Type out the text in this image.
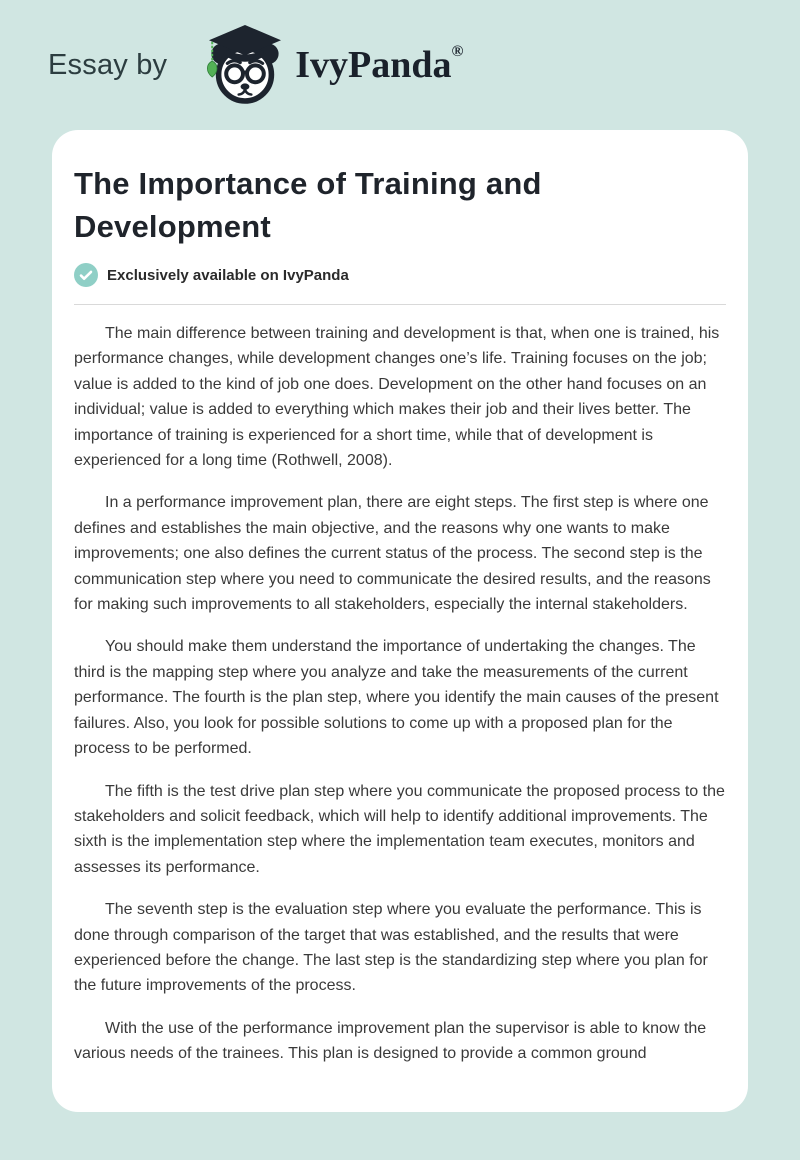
Essay by	IvyPanda®
The Importance of Training and Development
Exclusively available on IvyPanda

The main difference between training and development is that, when one is trained, his performance changes, while development changes one’s life. Training focuses on the job; value is added to the kind of job one does. Development on the other hand focuses on an individual; value is added to everything which makes their job and their lives better. The importance of training is experienced for a short time, while that of development is experienced for a long time (Rothwell, 2008).

In a performance improvement plan, there are eight steps. The first step is where one defines and establishes the main objective, and the reasons why one wants to make improvements; one also defines the current status of the process. The second step is the communication step where you need to communicate the desired results, and the reasons for making such improvements to all stakeholders, especially the internal stakeholders.

You should make them understand the importance of undertaking the changes. The third is the mapping step where you analyze and take the measurements of the current performance. The fourth is the plan step, where you identify the main causes of the present failures. Also, you look for possible solutions to come up with a proposed plan for the process to be performed.

The fifth is the test drive plan step where you communicate the proposed process to the stakeholders and solicit feedback, which will help to identify additional improvements. The sixth is the implementation step where the implementation team executes, monitors and assesses its performance.

The seventh step is the evaluation step where you evaluate the performance. This is done through comparison of the target that was established, and the results that were experienced before the change. The last step is the standardizing step where you plan for the future improvements of the process.

With the use of the performance improvement plan the supervisor is able to know the various needs of the trainees. This plan is designed to provide a common ground
